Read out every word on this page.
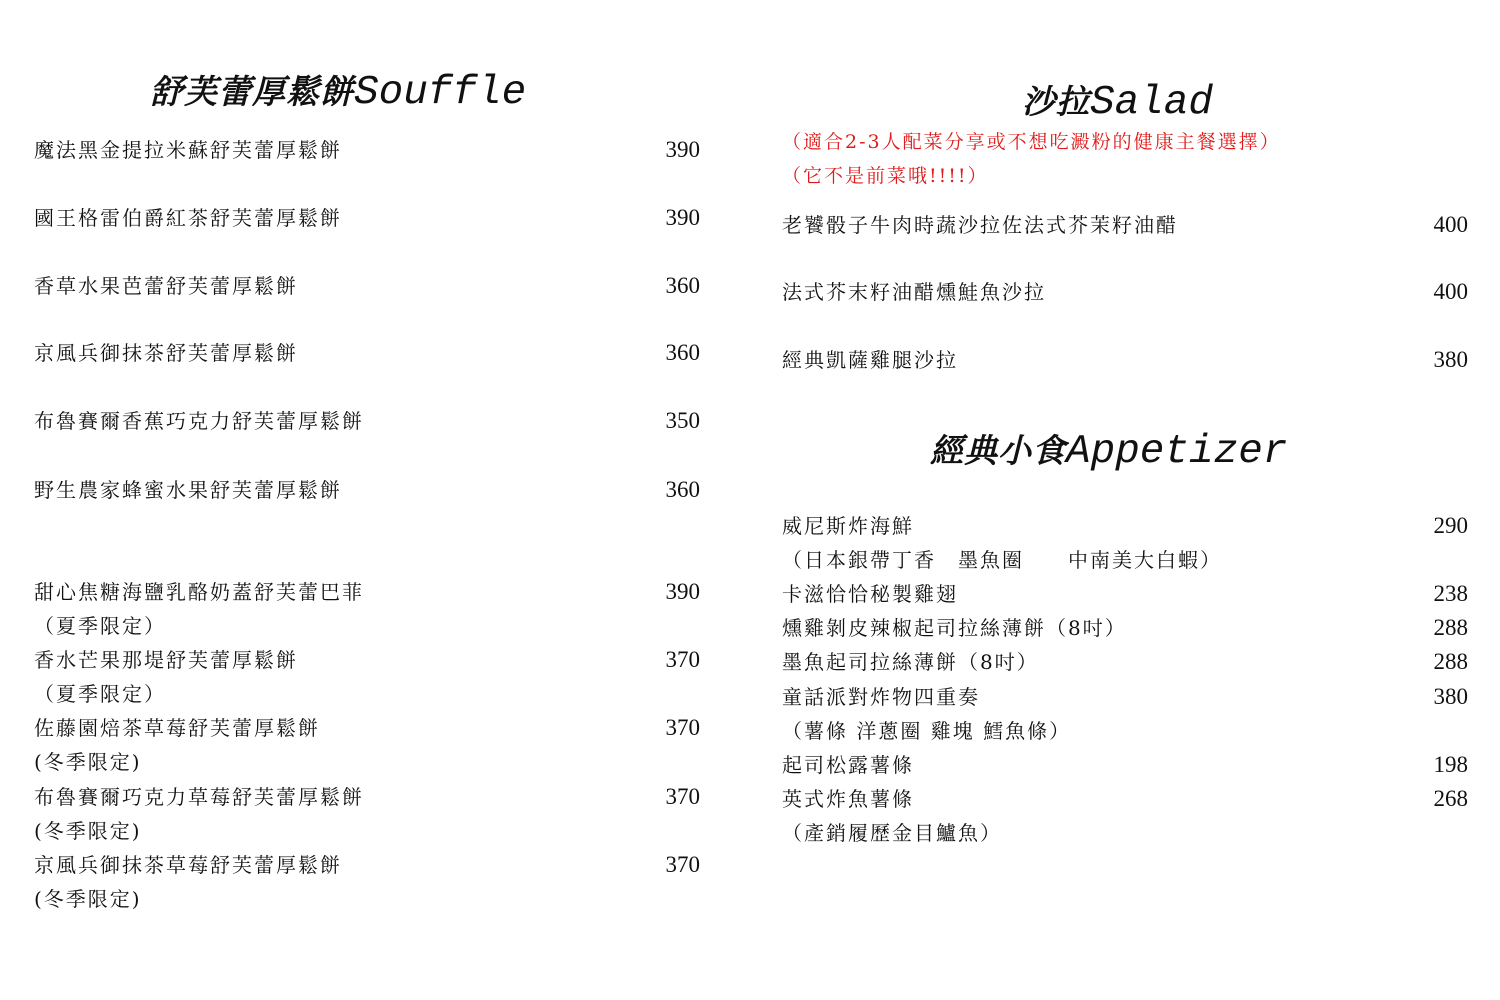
舒芙蕾厚鬆餅Souffle
魔法黑金提拉米蘇舒芙蕾厚鬆餅	390
國王格雷伯爵紅茶舒芙蕾厚鬆餅	390
香草水果芭蕾舒芙蕾厚鬆餅	360
京風兵御抹茶舒芙蕾厚鬆餅	360
布魯賽爾香蕉巧克力舒芙蕾厚鬆餅	350
野生農家蜂蜜水果舒芙蕾厚鬆餅	360
甜心焦糖海鹽乳酪奶蓋舒芙蕾巴菲	390
（夏季限定）
香水芒果那堤舒芙蕾厚鬆餅	370
（夏季限定）
佐藤園焙茶草莓舒芙蕾厚鬆餅	370
(冬季限定)
布魯賽爾巧克力草莓舒芙蕾厚鬆餅	370
(冬季限定)
京風兵御抹茶草莓舒芙蕾厚鬆餅	370
(冬季限定)
沙拉Salad
（適合2-3人配菜分享或不想吃澱粉的健康主餐選擇）
（它不是前菜哦!!!!）
老饕骰子牛肉時蔬沙拉佐法式芥茉籽油醋	400
法式芥末籽油醋燻鮭魚沙拉	400
經典凱薩雞腿沙拉	380
經典小食Appetizer
威尼斯炸海鮮	290
（日本銀帶丁香　墨魚圈　　中南美大白蝦）
卡滋恰恰秘製雞翅	238
燻雞剝皮辣椒起司拉絲薄餅（8吋）	288
墨魚起司拉絲薄餅（8吋）	288
童話派對炸物四重奏	380
（薯條 洋蔥圈 雞塊 鱈魚條）
起司松露薯條	198
英式炸魚薯條	268
（產銷履歷金目鱸魚）
